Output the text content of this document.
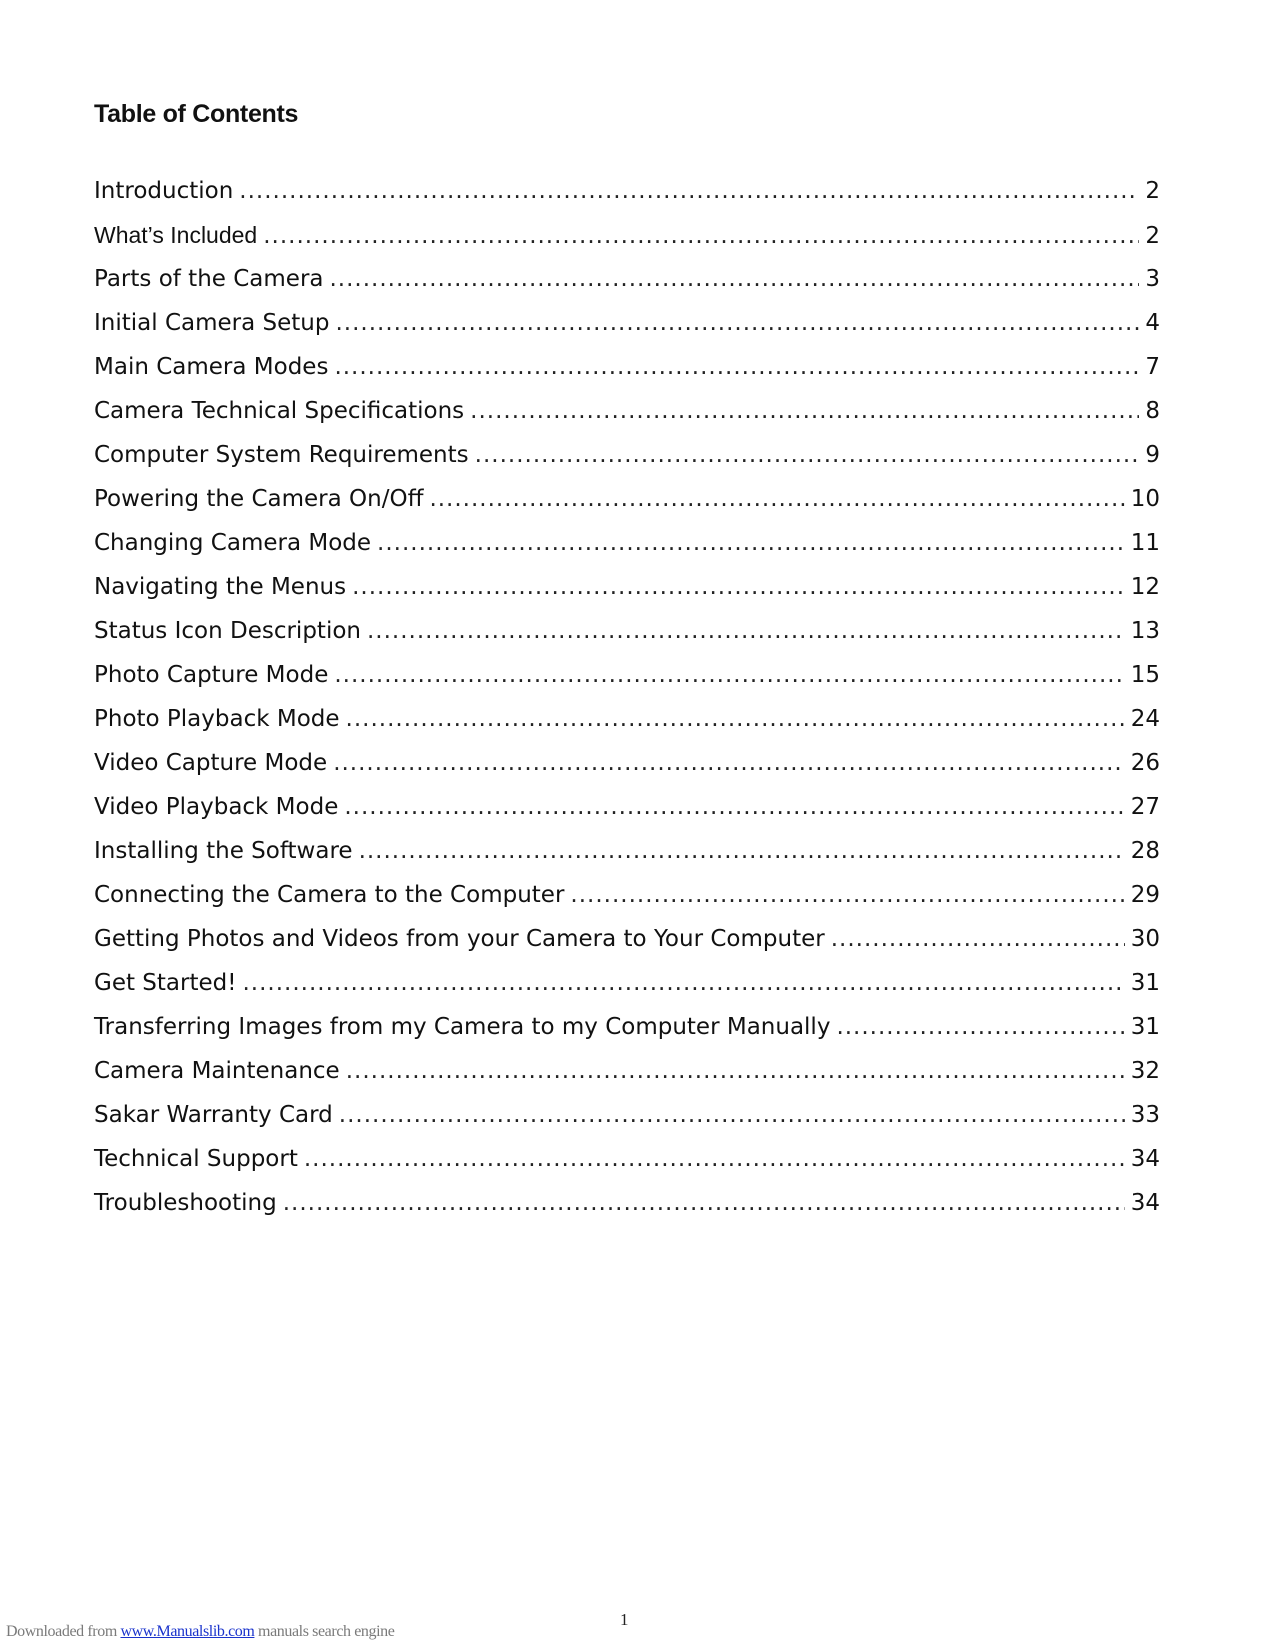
Table of Contents
Introduction .....	2
What’s Included .....	2
Parts of the Camera .....	3
Initial Camera Setup .....	4
Main Camera Modes .....	7
Camera Technical Specifications .....	8
Computer System Requirements .....	9
Powering the Camera On/Off .....	10
Changing Camera Mode .....	11
Navigating the Menus .....	12
Status Icon Description .....	13
Photo Capture Mode .....	15
Photo Playback Mode .....	24
Video Capture Mode .....	26
Video Playback Mode .....	27
Installing the Software .....	28
Connecting the Camera to the Computer .....	29
Getting Photos and Videos from your Camera to Your Computer .....	30
Get Started! .....	31
Transferring Images from my Camera to my Computer Manually .....	31
Camera Maintenance .....	32
Sakar Warranty Card .....	33
Technical Support .....	34
Troubleshooting .....	34
1
Downloaded from www.Manualslib.com manuals search engine
